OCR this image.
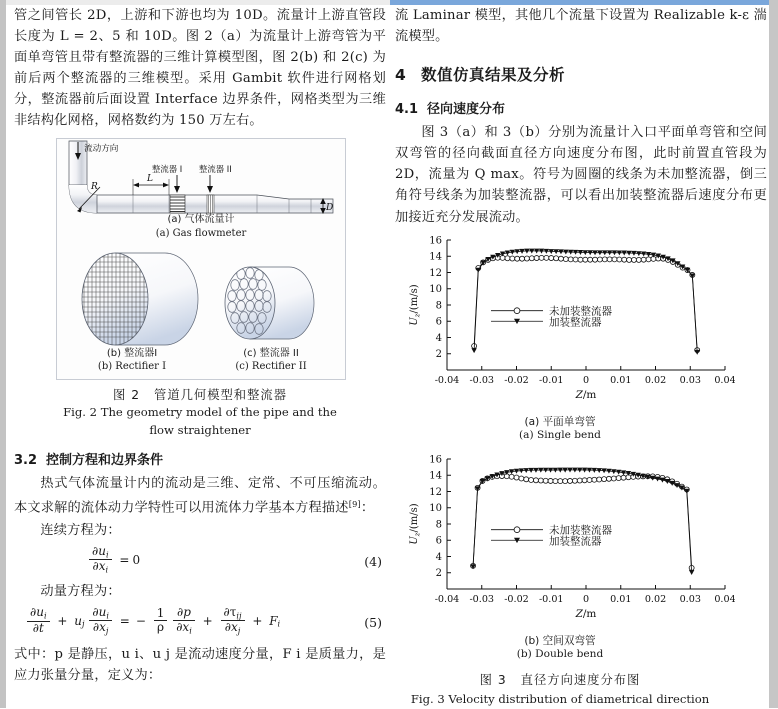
管之间管长 2D，上游和下游也均为 10D。流量计上游直管段长度为 L = 2、5 和 10D。图 2（a）为流量计上游弯管为平面单弯管且带有整流器的三维计算模型图，图 2(b) 和 2(c) 为前后两个整流器的三维模型。采用 Gambit 软件进行网格划分，整流器前后面设置 Interface 边界条件，网格类型为三维非结构化网格，网格数约为 150 万左右。

流动方向
R
L
整流器 I 整流器 II
D
(a) 气体流量计
(a) Gas flowmeter
(b) 整流器I
(b) Rectifier I
(c) 整流器 II
(c) Rectifier II
图 2 管道几何模型和整流器
Fig. 2 The geometry model of the pipe and the
flow straightener
3.2 控制方程和边界条件

热式气体流量计内的流动是三维、定常、不可压缩流动。本文求解的流体动力学特性可以用流体力学基本方程描述[9]：

连续方程为：

$\frac{\partial u_i}{\partial x_i} = 0$	(4)

动量方程为：

$\frac{\partial u_i}{\partial t} + u_j \frac{\partial u_i}{\partial x_j}$ = − $\frac{1}{\rho}$
$\frac{\partial p}{\partial x_i} + \frac{\partial\tau_{ij}}{\partial x_j} + F_i$	(5)

式中：p 是静压，u i、u j 是流动速度分量，F i 是质量力，是应力张量分量，定义为：

流 Laminar 模型，其他几个流量下设置为 Realizable k-ε 湍流模型。

4 数值仿真结果及分析
4.1 径向速度分布

图 3（a）和 3（b）分别为流量计入口平面单弯管和空间双弯管的径向截面直径方向速度分布图，此时前置直管段为 2D，流量为 Q max。符号为圆圈的线条为未加整流器，倒三角符号线条为加装整流器，可以看出加装整流器后速度分布更加接近充分发展流动。

2
4
6
8
10
12
14
16
-0.04 -0.03 -0.02 -0.01 0 0.01 0.02 0.03 0.04
$U_z/(m/s)$
Z/m
未加装整流器
加装整流器
(a) 平面单弯管
(a) Single bend
2
4
6
8
10
12
14
16
-0.04 -0.03 -0.02 -0.01 0 0.01 0.02 0.03 0.04
$U_z/(m/s)$
Z/m
未加装整流器
加装整流器
(b) 空间双弯管
(b) Double bend
图 3 直径方向速度分布图
Fig. 3 Velocity distribution of diametrical direction
